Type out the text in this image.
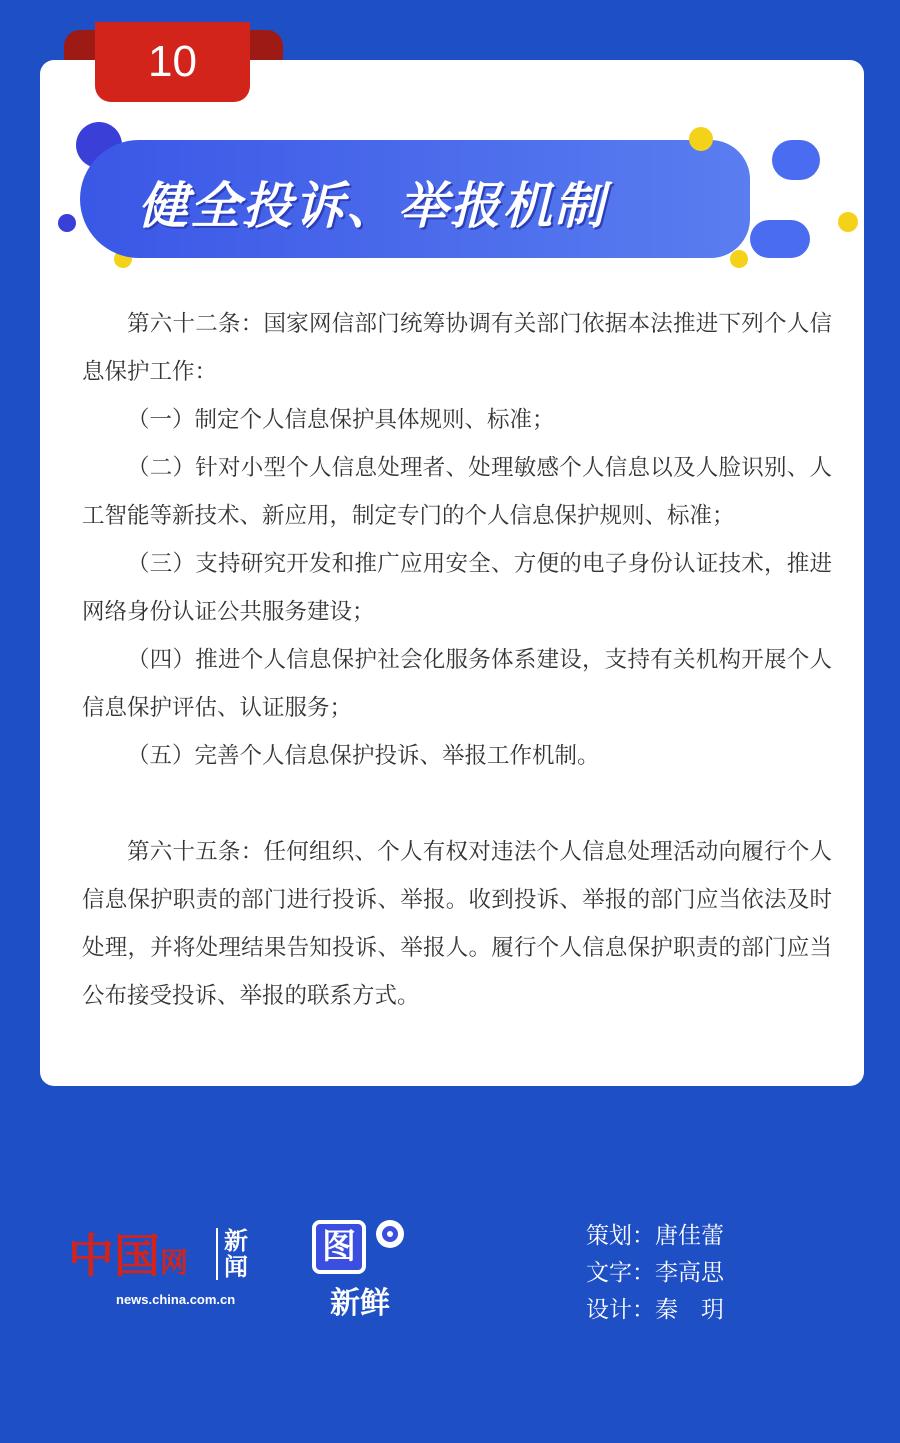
10
健全投诉、举报机制

第六十二条：国家网信部门统筹协调有关部门依据本法推进下列个人信息保护工作：

（一）制定个人信息保护具体规则、标准；

（二）针对小型个人信息处理者、处理敏感个人信息以及人脸识别、人工智能等新技术、新应用，制定专门的个人信息保护规则、标准；

（三）支持研究开发和推广应用安全、方便的电子身份认证技术，推进网络身份认证公共服务建设；

（四）推进个人信息保护社会化服务体系建设，支持有关机构开展个人信息保护评估、认证服务；

（五）完善个人信息保护投诉、举报工作机制。

第六十五条：任何组织、个人有权对违法个人信息处理活动向履行个人信息保护职责的部门进行投诉、举报。收到投诉、举报的部门应当依法及时处理，并将处理结果告知投诉、举报人。履行个人信息保护职责的部门应当公布接受投诉、举报的联系方式。

中国网
新闻
news.china.com.cn
图
新鲜
策划：唐佳蕾
文字：李高思
设计：秦　玥
